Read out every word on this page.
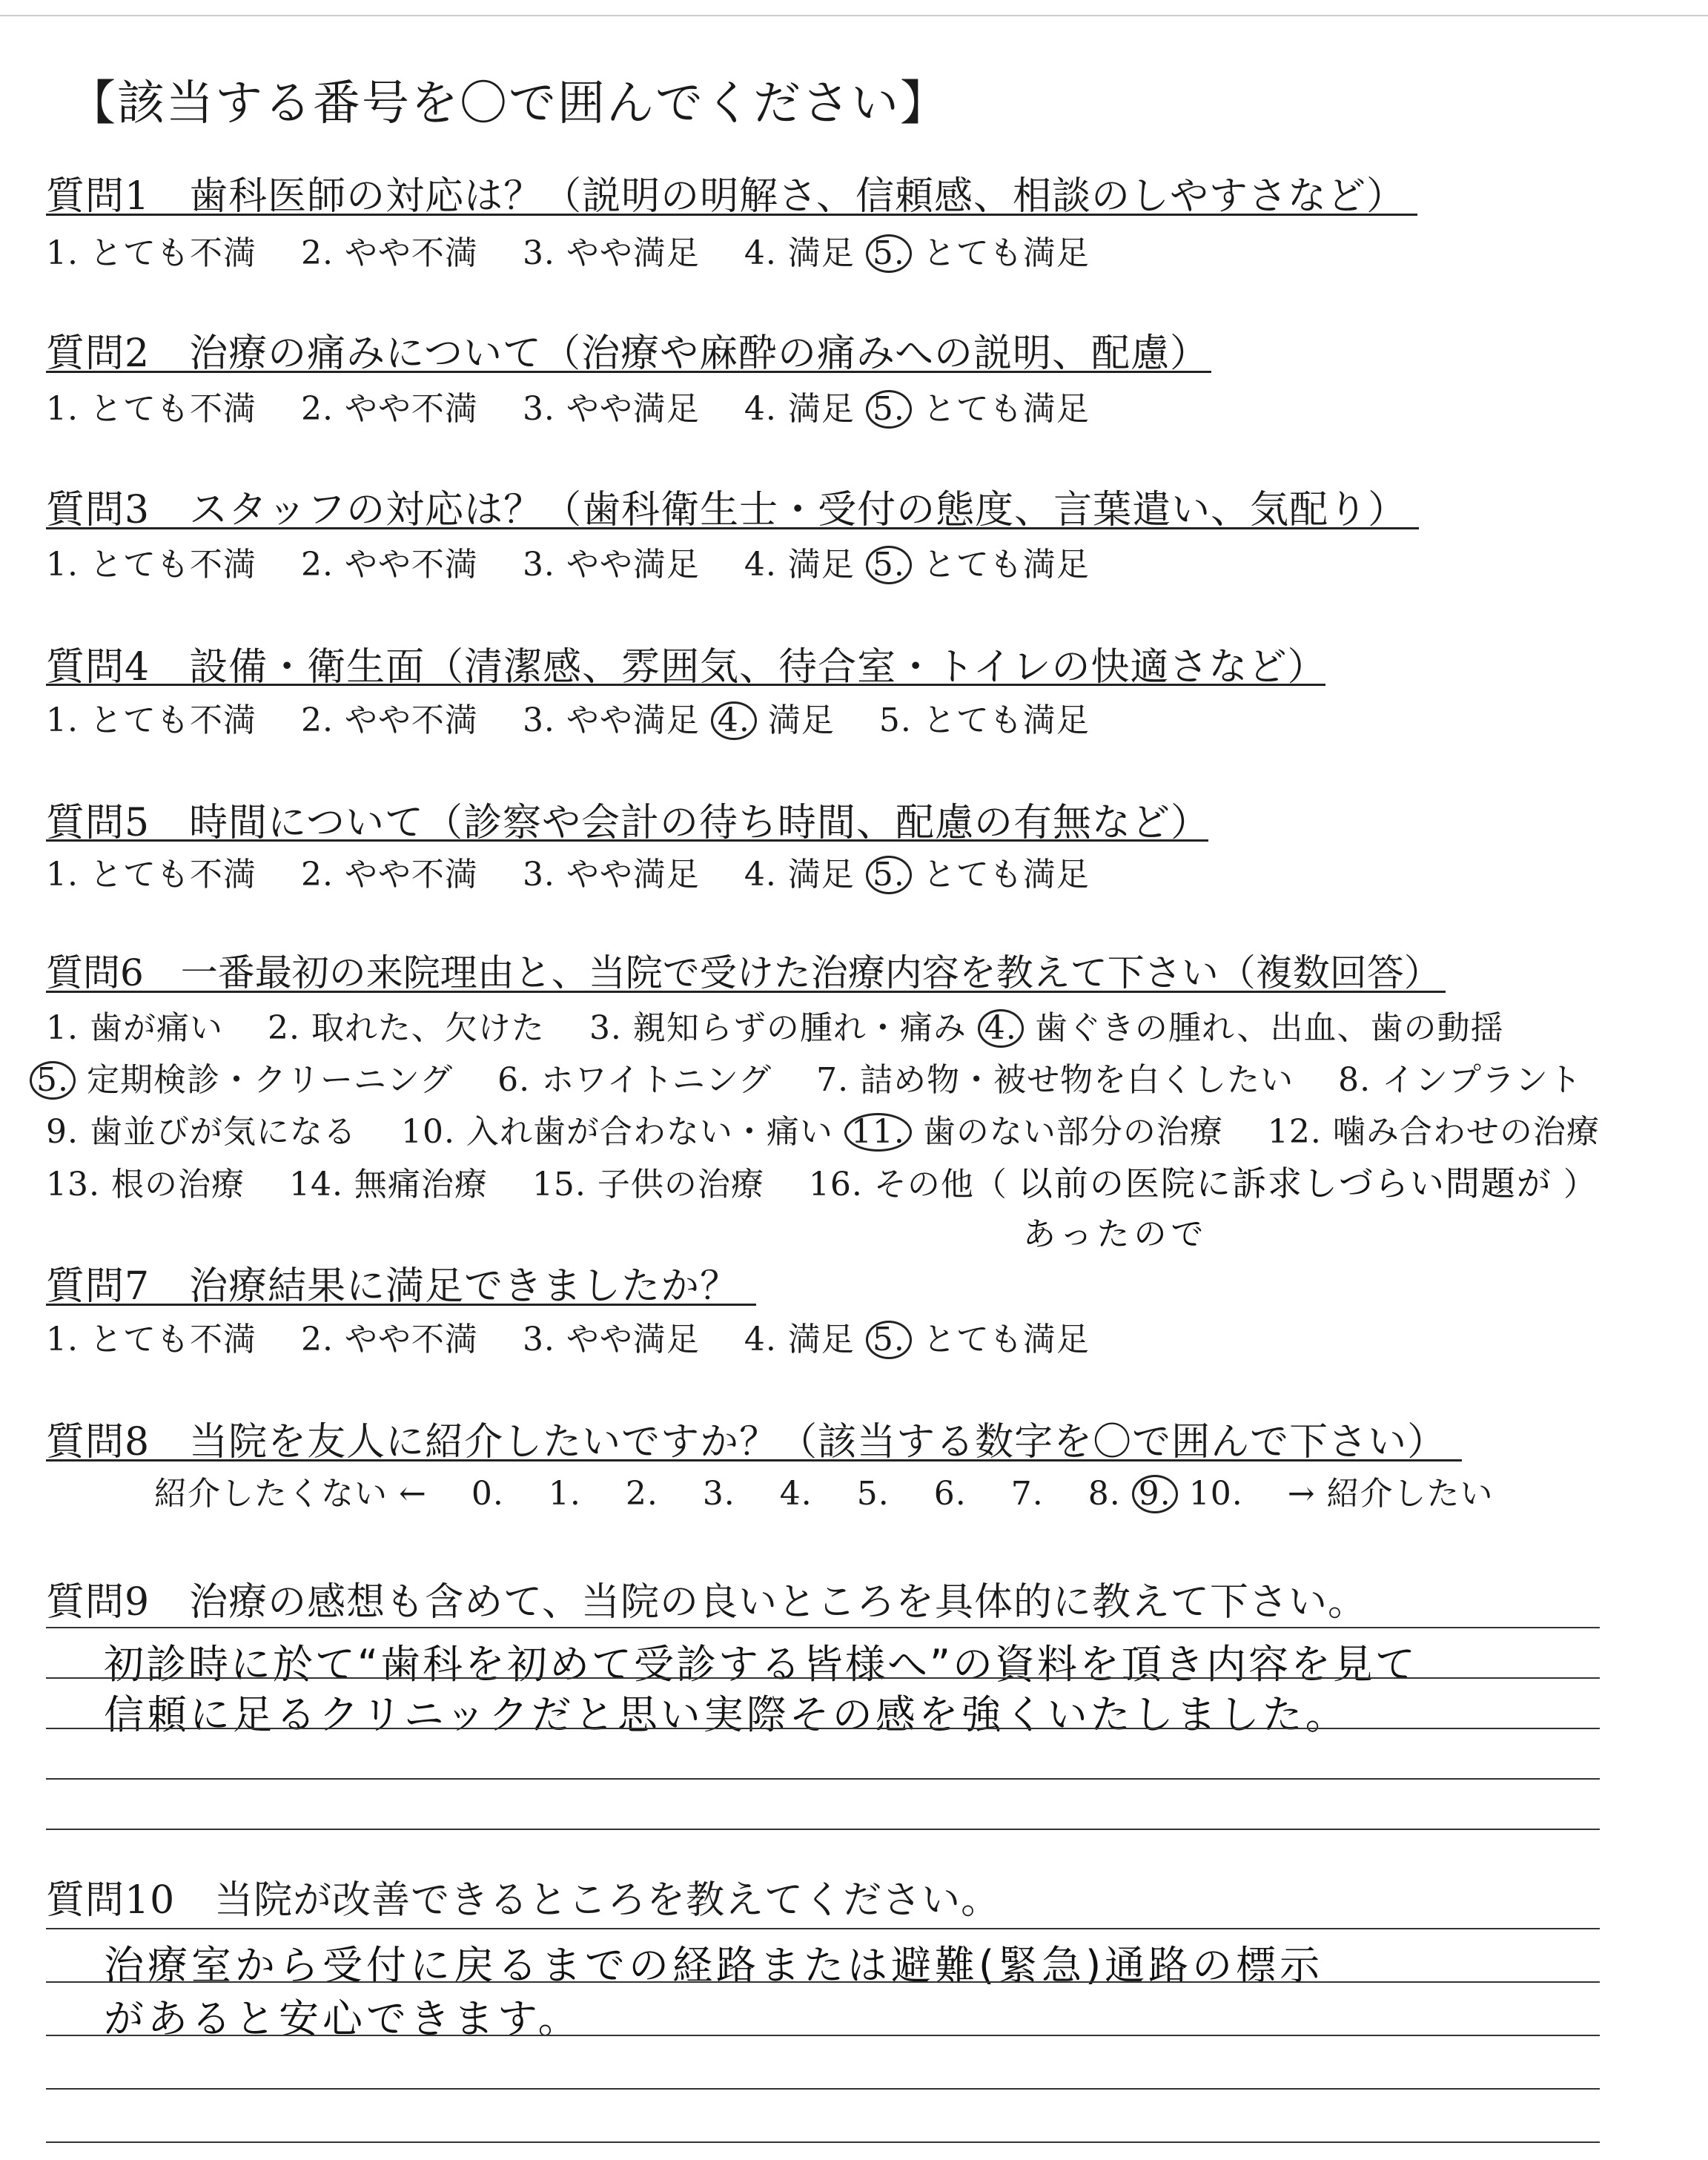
【該当する番号を〇で囲んでください】
質問1　歯科医師の対応は？（説明の明解さ、信頼感、相談のしやすさなど）
1. とても不満　 2. やや不満　 3. やや満足　 4. 満足 5. とても満足
質問2　治療の痛みについて（治療や麻酔の痛みへの説明、配慮）
1. とても不満　 2. やや不満　 3. やや満足　 4. 満足 5. とても満足
質問3　スタッフの対応は？（歯科衛生士・受付の態度、言葉遣い、気配り）
1. とても不満　 2. やや不満　 3. やや満足　 4. 満足 5. とても満足
質問4　設備・衛生面（清潔感、雰囲気、待合室・トイレの快適さなど）
1. とても不満　 2. やや不満　 3. やや満足 4. 満足　 5. とても満足
質問5　時間について（診察や会計の待ち時間、配慮の有無など）
1. とても不満　 2. やや不満　 3. やや満足　 4. 満足 5. とても満足
質問6　一番最初の来院理由と、当院で受けた治療内容を教えて下さい（複数回答）
1. 歯が痛い　 2. 取れた、欠けた　 3. 親知らずの腫れ・痛み 4. 歯ぐきの腫れ、出血、歯の動揺
5. 定期検診・クリーニング　 6. ホワイトニング　 7. 詰め物・被せ物を白くしたい　 8. インプラント
9. 歯並びが気になる　 10. 入れ歯が合わない・痛い 11. 歯のない部分の治療　 12. 噛み合わせの治療
13. 根の治療　 14. 無痛治療　 15. 子供の治療　 16. その他（ 以前の医院に訴求しづらい問題が ）
あったので
質問7　治療結果に満足できましたか？
1. とても不満　 2. やや不満　 3. やや満足　 4. 満足 5. とても満足
質問8　当院を友人に紹介したいですか？（該当する数字を〇で囲んで下さい）
紹介したくない ←　 0.　 1.　 2.　 3.　 4.　 5.　 6.　 7.　 8. 9. 10.　 → 紹介したい
質問9　治療の感想も含めて、当院の良いところを具体的に教えて下さい。
初診時に於て“歯科を初めて受診する皆様へ”の資料を頂き内容を見て
信頼に足るクリニックだと思い実際その感を強くいたしました。
質問10　当院が改善できるところを教えてください。
治療室から受付に戻るまでの経路または避難(緊急)通路の標示
があると安心できます。
